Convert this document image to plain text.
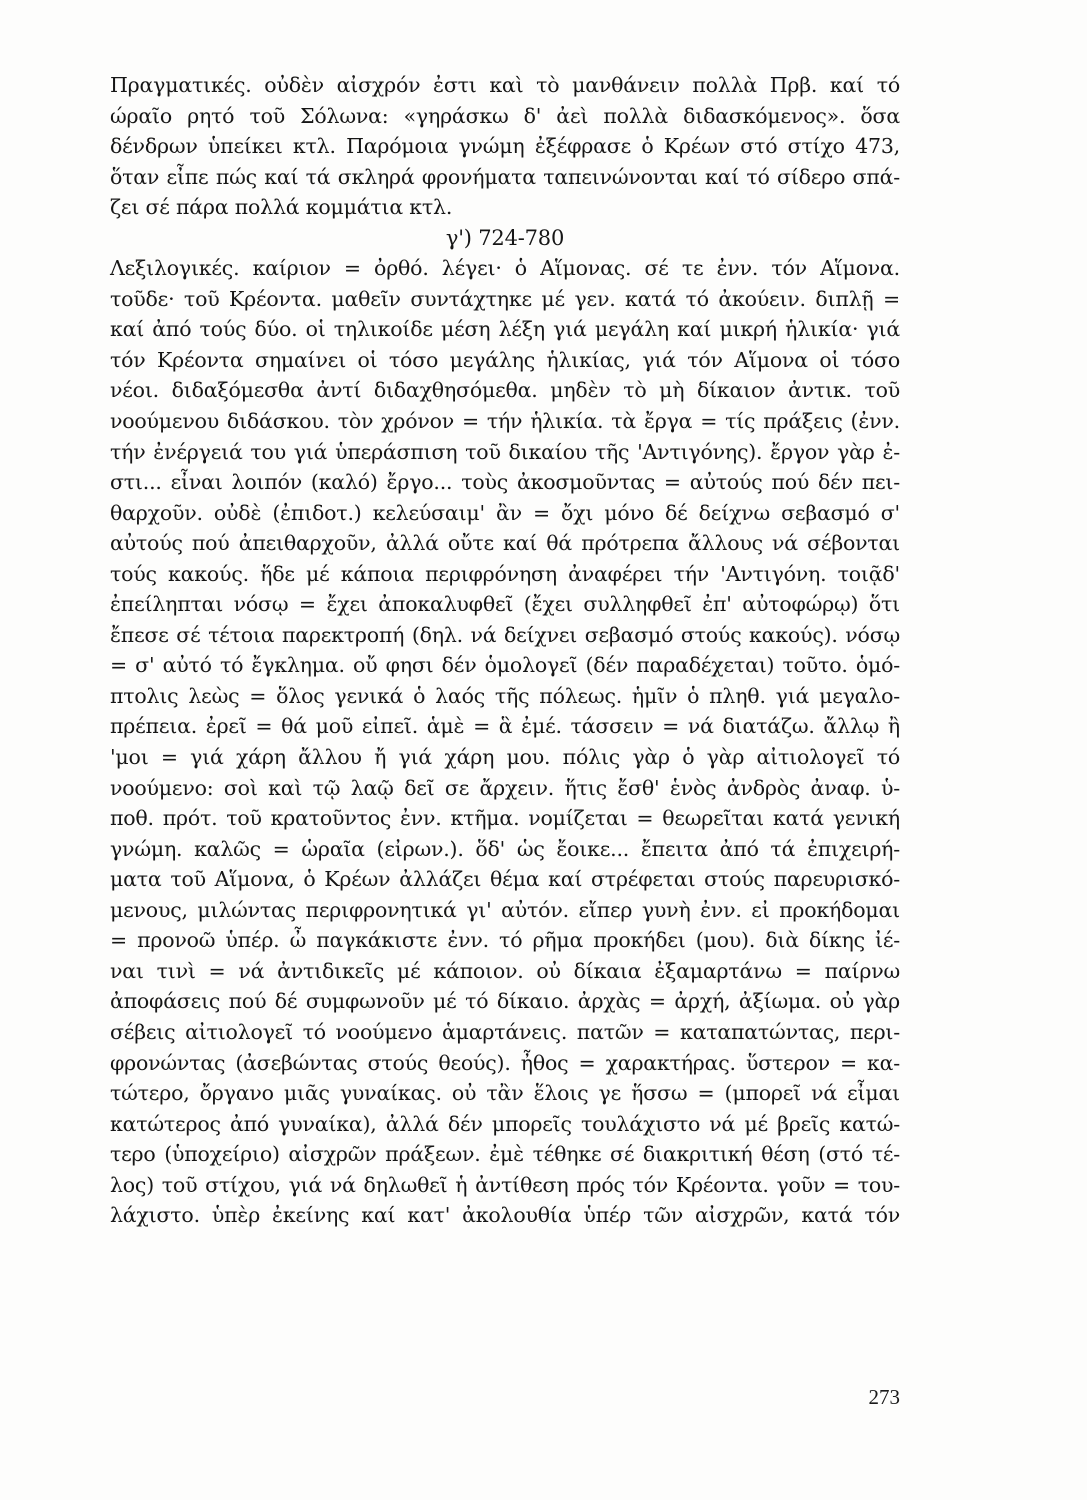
Πραγματικές. οὐδὲν αἰσχρόν ἐστι καὶ τὸ μανθάνειν πολλὰ Πρβ. καί τό
ώραῖο ρητό τοῦ Σόλωνα: «γηράσκω δ' ἀεὶ πολλὰ διδασκόμενος». ὅσα
δένδρων ὑπείκει κτλ. Παρόμοια γνώμη ἐξέφρασε ὁ Κρέων στό στίχο 473,
ὅταν εἶπε πώς καί τά σκληρά φρονήματα ταπεινώνονται καί τό σίδερο σπά-
ζει σέ πάρα πολλά κομμάτια κτλ.
γ') 724-780
Λεξιλογικές. καίριον = ὀρθό. λέγει· ὁ Αἵμονας. σέ τε ἐνν. τόν Αἵμονα.
τοῦδε· τοῦ Κρέοντα. μαθεῖν συντάχτηκε μέ γεν. κατά τό ἀκούειν. διπλῇ =
καί ἀπό τούς δύο. οἱ τηλικοίδε μέση λέξη γιά μεγάλη καί μικρή ἡλικία· γιά
τόν Κρέοντα σημαίνει οἱ τόσο μεγάλης ἡλικίας, γιά τόν Αἵμονα οἱ τόσο
νέοι. διδαξόμεσθα ἀντί διδαχθησόμεθα. μηδὲν τὸ μὴ δίκαιον ἀντικ. τοῦ
νοούμενου διδάσκου. τὸν χρόνον = τήν ἡλικία. τὰ ἔργα = τίς πράξεις (ἐνν.
τήν ἐνέργειά του γιά ὑπεράσπιση τοῦ δικαίου τῆς 'Αντιγόνης). ἔργον γὰρ ἐ-
στι... εἶναι λοιπόν (καλό) ἔργο... τοὺς ἀκοσμοῦντας = αὐτούς πού δέν πει-
θαρχοῦν. οὐδὲ (ἐπιδοτ.) κελεύσαιμ' ἂν = ὄχι μόνο δέ δείχνω σεβασμό σ'
αὐτούς πού ἀπειθαρχοῦν, ἀλλά οὔτε καί θά πρότρεπα ἄλλους νά σέβονται
τούς κακούς. ἥδε μέ κάποια περιφρόνηση ἀναφέρει τήν 'Αντιγόνη. τοιᾷδ'
ἐπείληπται νόσῳ = ἔχει ἀποκαλυφθεῖ (ἔχει συλληφθεῖ ἐπ' αὐτοφώρῳ) ὅτι
ἔπεσε σέ τέτοια παρεκτροπή (δηλ. νά δείχνει σεβασμό στούς κακούς). νόσῳ
= σ' αὐτό τό ἔγκλημα. οὔ φησι δέν ὁμολογεῖ (δέν παραδέχεται) τοῦτο. ὁμό-
πτολις λεὼς = ὅλος γενικά ὁ λαός τῆς πόλεως. ἡμῖν ὁ πληθ. γιά μεγαλο-
πρέπεια. ἐρεῖ = θά μοῦ εἰπεῖ. ἁμὲ = ἃ ἐμέ. τάσσειν = νά διατάζω. ἄλλῳ ἢ
'μοι = γιά χάρη ἄλλου ἤ γιά χάρη μου. πόλις γὰρ ὁ γὰρ αἰτιολογεῖ τό
νοούμενο: σοὶ καὶ τῷ λαῷ δεῖ σε ἄρχειν. ἥτις ἔσθ' ἑνὸς ἀνδρὸς ἀναφ. ὑ-
ποθ. πρότ. τοῦ κρατοῦντος ἐνν. κτῆμα. νομίζεται = θεωρεῖται κατά γενική
γνώμη. καλῶς = ὡραῖα (εἰρων.). ὅδ' ὡς ἔοικε... ἔπειτα ἀπό τά ἐπιχειρή-
ματα τοῦ Αἵμονα, ὁ Κρέων ἀλλάζει θέμα καί στρέφεται στούς παρευρισκό-
μενους, μιλώντας περιφρονητικά γι' αὐτόν. εἴπερ γυνὴ ἐνν. εἰ προκήδομαι
= προνοῶ ὑπέρ. ὦ παγκάκιστε ἐνν. τό ρῆμα προκήδει (μου). διὰ δίκης ἰέ-
ναι τινὶ = νά ἀντιδικεῖς μέ κάποιον. οὐ δίκαια ἐξαμαρτάνω = παίρνω
ἀποφάσεις πού δέ συμφωνοῦν μέ τό δίκαιο. ἀρχὰς = ἀρχή, ἀξίωμα. οὐ γὰρ
σέβεις αἰτιολογεῖ τό νοούμενο ἁμαρτάνεις. πατῶν = καταπατώντας, περι-
φρονώντας (ἀσεβώντας στούς θεούς). ἦθος = χαρακτήρας. ὕστερον = κα-
τώτερο, ὄργανο μιᾶς γυναίκας. οὐ τἂν ἕλοις γε ἥσσω = (μπορεῖ νά εἶμαι
κατώτερος ἀπό γυναίκα), ἀλλά δέν μπορεῖς τουλάχιστο νά μέ βρεῖς κατώ-
τερο (ὑποχείριο) αἰσχρῶν πράξεων. ἐμὲ τέθηκε σέ διακριτική θέση (στό τέ-
λος) τοῦ στίχου, γιά νά δηλωθεῖ ἡ ἀντίθεση πρός τόν Κρέοντα. γοῦν = του-
λάχιστο. ὑπὲρ ἐκείνης καί κατ' ἀκολουθία ὑπέρ τῶν αἰσχρῶν, κατά τόν
273
